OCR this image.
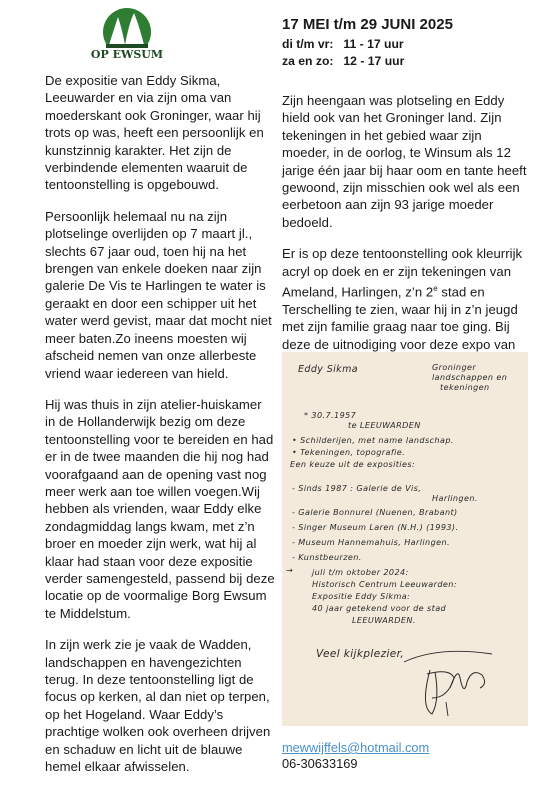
OP EWSUM

De expositie van Eddy Sikma, Leeuwarder en via zijn oma van moederskant ook Groninger, waar hij trots op was, heeft een persoonlijk en kunstzinnig karakter. Het zijn de verbindende elementen waaruit de tentoonstelling is opgebouwd.

Persoonlijk helemaal nu na zijn plotselinge overlijden op 7 maart jl., slechts 67 jaar oud, toen hij na het brengen van enkele doeken naar zijn galerie De Vis te Harlingen te water is geraakt en door een schipper uit het water werd gevist, maar dat mocht niet meer baten.Zo ineens moesten wij afscheid nemen van onze allerbeste vriend waar iedereen van hield.

Hij was thuis in zijn atelier-huiskamer in de Hollanderwijk bezig om deze tentoonstelling voor te bereiden en had er in de twee maanden die hij nog had voorafgaand aan de opening vast nog meer werk aan toe willen voegen.Wij hebben als vrienden, waar Eddy elke zondagmiddag langs kwam, met z’n broer en moeder zijn werk, wat hij al klaar had staan voor deze expositie verder samengesteld, passend bij deze locatie op de voormalige Borg Ewsum te Middelstum.

In zijn werk zie je vaak de Wadden, landschappen en havengezichten terug. In deze tentoonstelling ligt de focus op kerken, al dan niet op terpen, op het Hogeland. Waar Eddy’s prachtige wolken ook overheen drijven en schaduw en licht uit de blauwe hemel elkaar afwisselen.

17 MEI t/m 29 JUNI 2025
di t/m vr: 11 - 17 uur
za en zo: 12 - 17 uur

Zijn heengaan was plotseling en Eddy hield ook van het Groninger land. Zijn tekeningen in het gebied waar zijn moeder, in de oorlog, te Winsum als 12 jarige één jaar bij haar oom en tante heeft gewoond, zijn misschien ook wel als een eerbetoon aan zijn 93 jarige moeder bedoeld.

Er is op deze tentoonstelling ook kleurrijk acryl op doek en er zijn tekeningen van Ameland, Harlingen, z’n 2e stad en Terschelling te zien, waar hij in z’n jeugd met zijn familie graag naar toe ging. Bij deze de uitnodiging voor deze expo van

Eddy Sikma	Groninger
landschappen en
tekeningen
* 30.7.1957
te LEEUWARDEN
• Schilderijen, met name landschap.
• Tekeningen, topografie.
Een keuze uit de exposities:
- Sinds 1987 : Galerie de Vis,
Harlingen.
- Galerie Bonnurel (Nuenen, Brabant)
- Singer Museum Laren (N.H.) (1993).
- Museum Hannemahuis, Harlingen.
- Kunstbeurzen.
→ juli t/m oktober 2024:
Historisch Centrum Leeuwarden:
Expositie Eddy Sikma:
40 jaar getekend voor de stad
LEEUWARDEN.
Veel kijkplezier,
mewwijffels@hotmail.com
06-30633169
